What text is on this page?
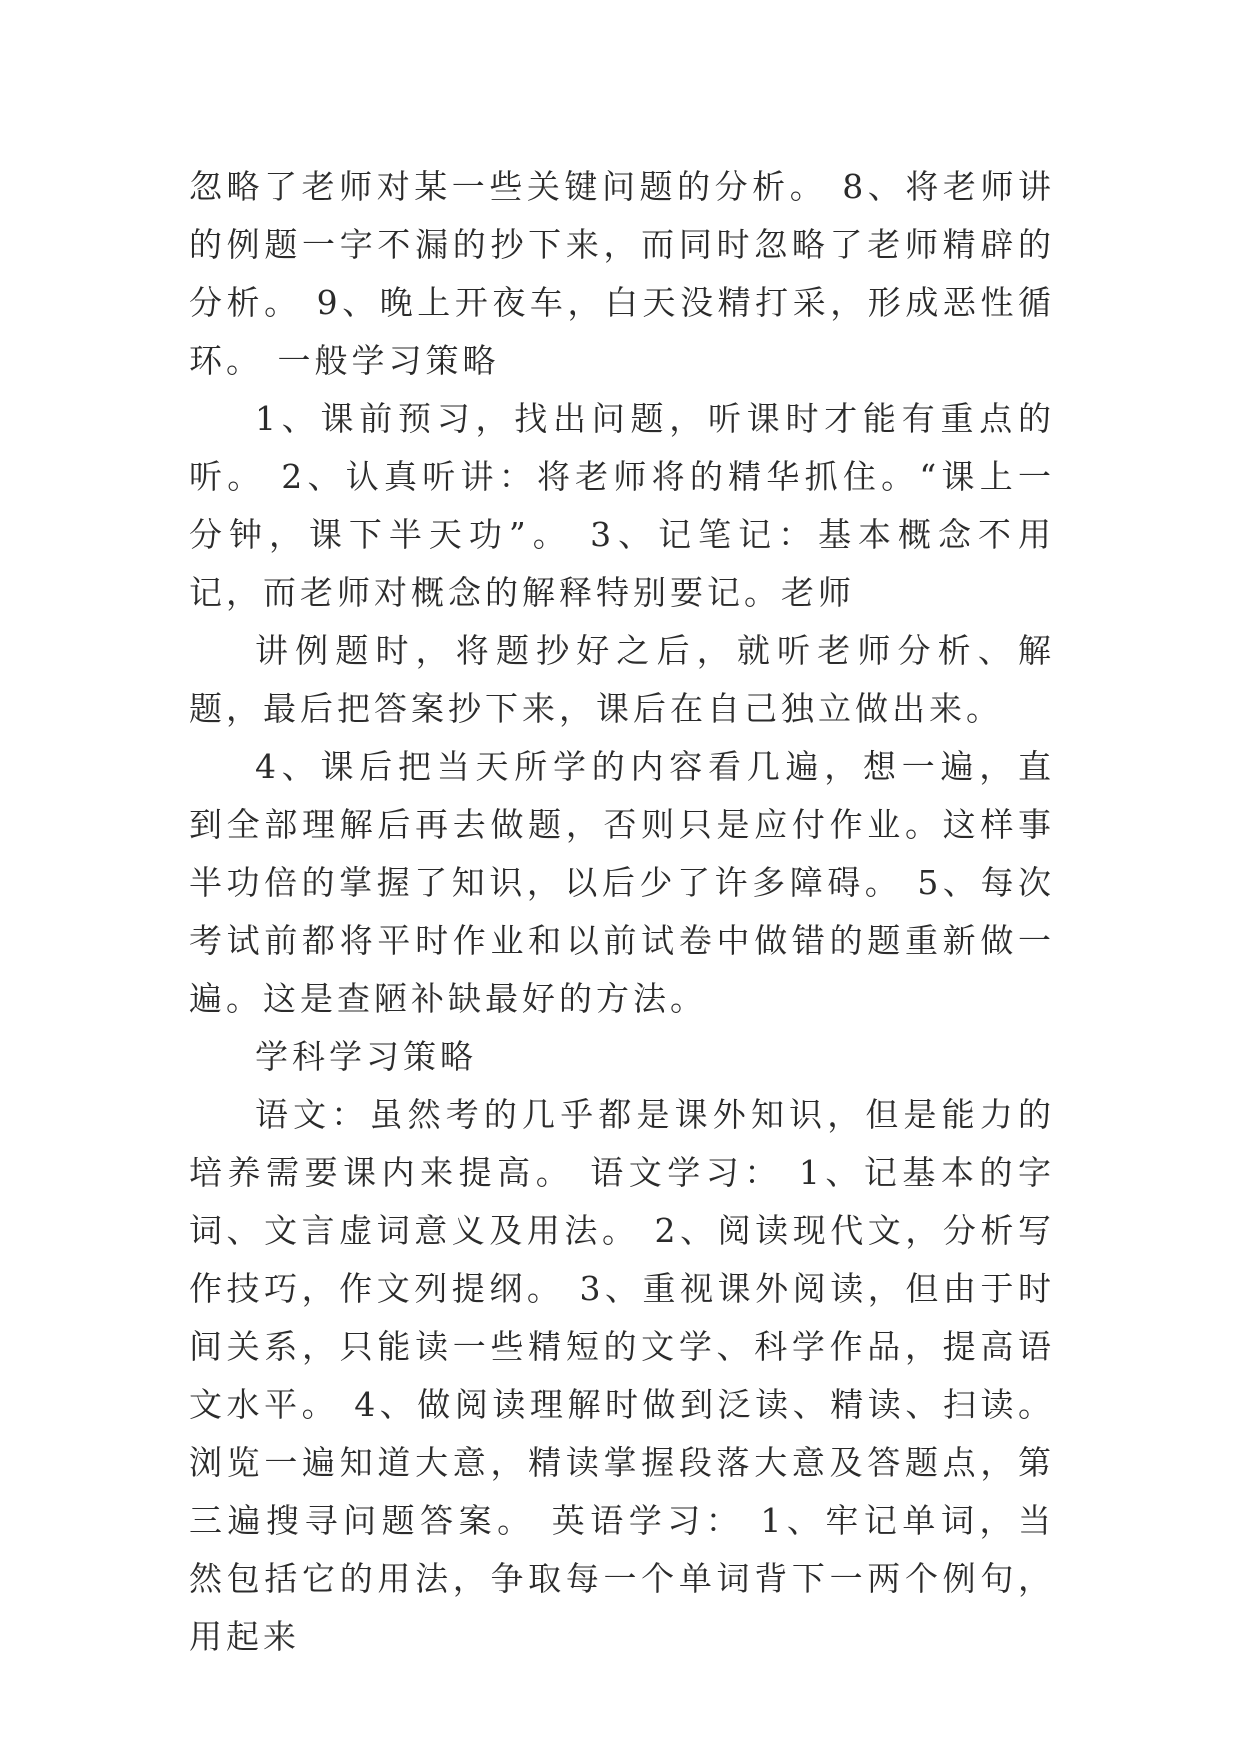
忽略了老师对某一些关键问题的分析。 8、将老师讲的例题一字不漏的抄下来，而同时忽略了老师精辟的分析。 9、晚上开夜车，白天没精打采，形成恶性循环。 一般学习策略

1、课前预习，找出问题，听课时才能有重点的听。 2、认真听讲：将老师将的精华抓住。“课上一分钟，课下半天功”。 3、记笔记：基本概念不用记，而老师对概念的解释特别要记。老师

讲例题时，将题抄好之后，就听老师分析、解题，最后把答案抄下来，课后在自己独立做出来。

4、课后把当天所学的内容看几遍，想一遍，直到全部理解后再去做题，否则只是应付作业。这样事半功倍的掌握了知识，以后少了许多障碍。 5、每次考试前都将平时作业和以前试卷中做错的题重新做一遍。这是查陋补缺最好的方法。

学科学习策略

语文：虽然考的几乎都是课外知识，但是能力的培养需要课内来提高。 语文学习： 1、记基本的字词、文言虚词意义及用法。 2、阅读现代文，分析写作技巧，作文列提纲。 3、重视课外阅读，但由于时间关系，只能读一些精短的文学、科学作品，提高语文水平。 4、做阅读理解时做到泛读、精读、扫读。浏览一遍知道大意，精读掌握段落大意及答题点，第三遍搜寻问题答案。 英语学习： 1、牢记单词，当然包括它的用法，争取每一个单词背下一两个例句，用起来
